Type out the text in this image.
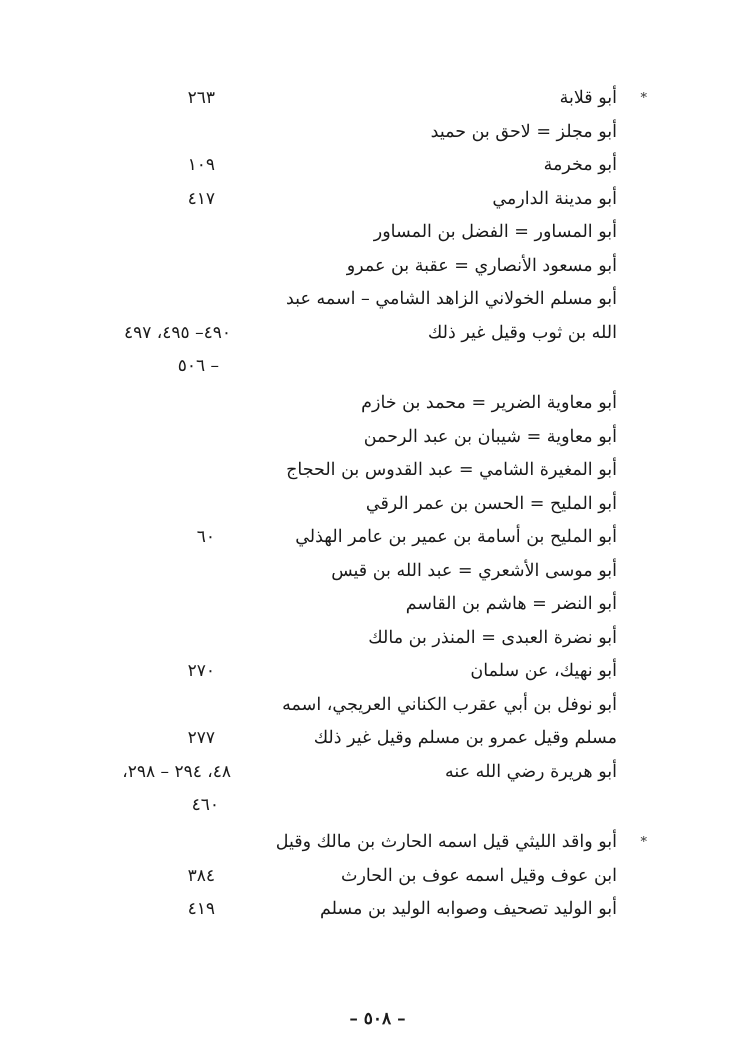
*
أبو قلابة
٢٦٣
أبو مجلز = لاحق بن حميد
أبو مخرمة
١٠٩
أبو مدينة الدارمي
٤١٧
أبو المساور = الفضل بن المساور
أبو مسعود الأنصاري = عقبة بن عمرو
أبو مسلم الخولاني الزاهد الشامي – اسمه عبد
الله بن ثوب وقيل غير ذلك
٤٩٠– ٤٩٥، ٤٩٧
– ٥٠٦
أبو معاوية الضرير = محمد بن خازم
أبو معاوية = شيبان بن عبد الرحمن
أبو المغيرة الشامي = عبد القدوس بن الحجاج
أبو المليح = الحسن بن عمر الرقي
أبو المليح بن أسامة بن عمير بن عامر الهذلي
٦٠
أبو موسى الأشعري = عبد الله بن قيس
أبو النضر = هاشم بن القاسم
أبو نضرة العبدى = المنذر بن مالك
أبو نهيك، عن سلمان
٢٧٠
أبو نوفل بن أبي عقرب الكناني العريجي، اسمه
مسلم وقيل عمرو بن مسلم وقيل غير ذلك
٢٧٧
أبو هريرة رضي الله عنه
٤٨، ٢٩٤ – ٢٩٨،
٤٦٠
*
أبو واقد الليثي قيل اسمه الحارث بن مالك وقيل
ابن عوف وقيل اسمه عوف بن الحارث
٣٨٤
أبو الوليد تصحيف وصوابه الوليد بن مسلم
٤١٩
– ٥٠٨ –
